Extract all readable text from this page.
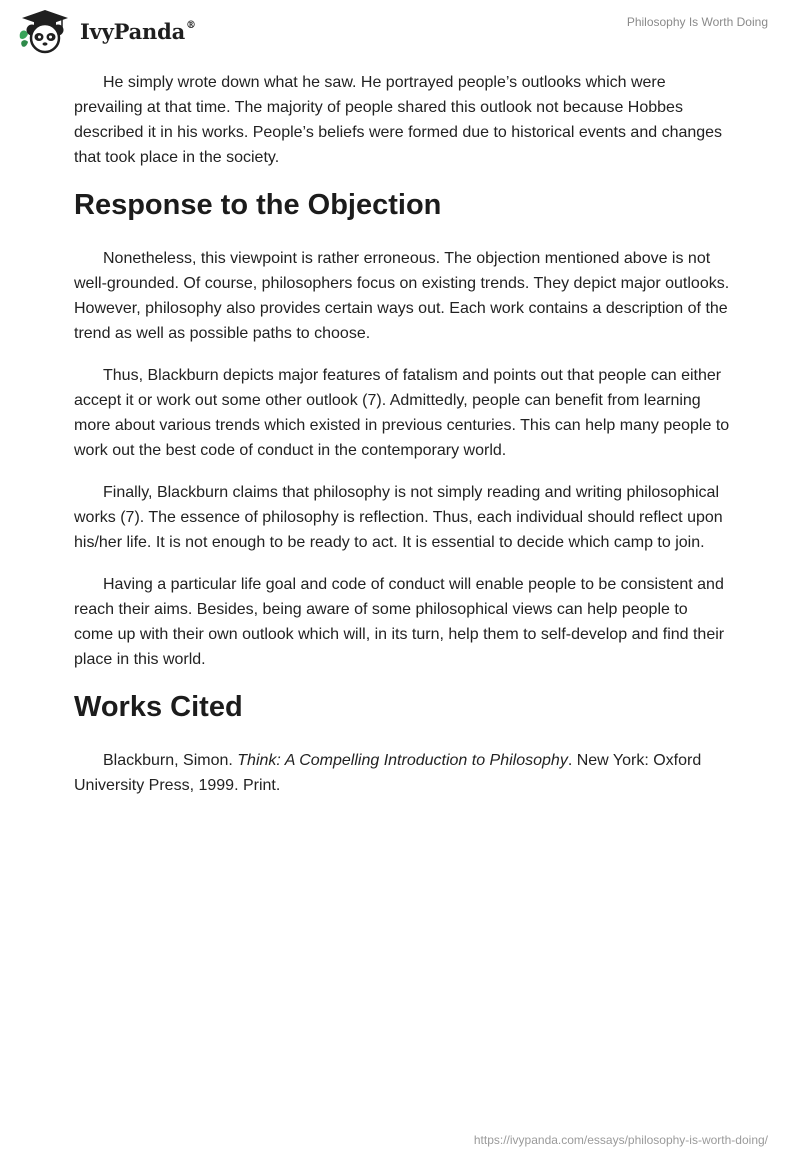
IvyPanda®	Philosophy Is Worth Doing

He simply wrote down what he saw. He portrayed people’s outlooks which were prevailing at that time. The majority of people shared this outlook not because Hobbes described it in his works. People’s beliefs were formed due to historical events and changes that took place in the society.

Response to the Objection

Nonetheless, this viewpoint is rather erroneous. The objection mentioned above is not well-grounded. Of course, philosophers focus on existing trends. They depict major outlooks. However, philosophy also provides certain ways out. Each work contains a description of the trend as well as possible paths to choose.

Thus, Blackburn depicts major features of fatalism and points out that people can either accept it or work out some other outlook (7). Admittedly, people can benefit from learning more about various trends which existed in previous centuries. This can help many people to work out the best code of conduct in the contemporary world.

Finally, Blackburn claims that philosophy is not simply reading and writing philosophical works (7). The essence of philosophy is reflection. Thus, each individual should reflect upon his/her life. It is not enough to be ready to act. It is essential to decide which camp to join.

Having a particular life goal and code of conduct will enable people to be consistent and reach their aims. Besides, being aware of some philosophical views can help people to come up with their own outlook which will, in its turn, help them to self-develop and find their place in this world.

Works Cited

Blackburn, Simon. Think: A Compelling Introduction to Philosophy. New York: Oxford University Press, 1999. Print.

https://ivypanda.com/essays/philosophy-is-worth-doing/
